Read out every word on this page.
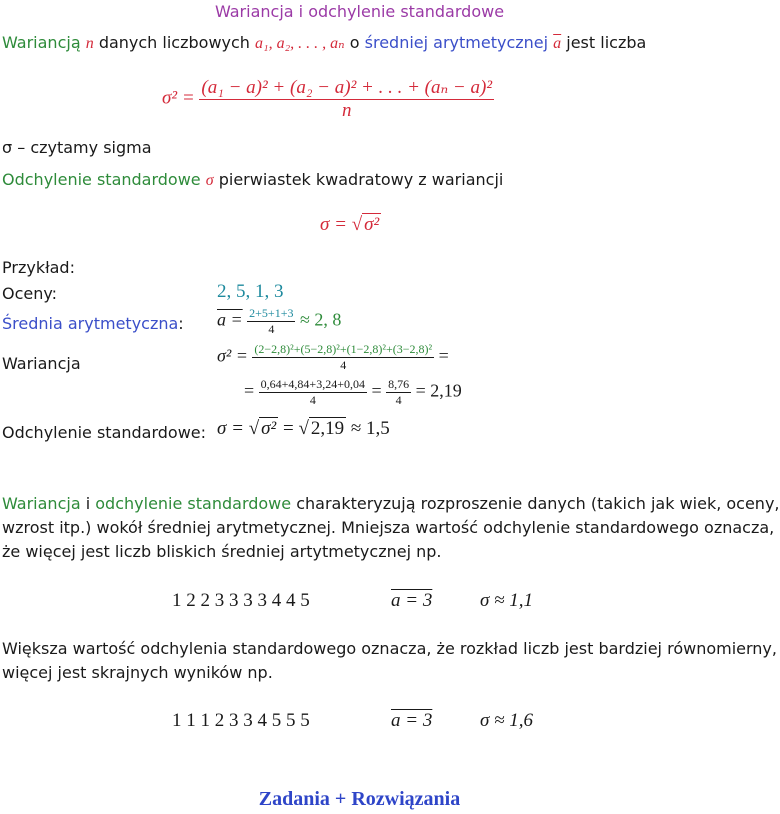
Wariancja i odchylenie standardowe
Wariancją n danych liczbowych a₁, a₂, . . . , aₙ o średniej arytmetycznej $\overline{a}$ jest liczba
$\sigma^2 = \frac{\text{(a₁ − a)² + (a₂ − a)² + . . . + (aₙ − a)²}}{n}$
σ – czytamy sigma
Odchylenie standardowe σ pierwiastek kwadratowy z wariancji
σ = √ σ²
Przykład:
Oceny:	2, 5, 1, 3
Średnia arytmetyczna: $a = \frac{2+5+1+3}{4} \approx 2$, 8
Wariancja	$\sigma^2 = \frac{\text{(2−2,8)²+(5−2,8)²+(1−2,8)²+(3−2,8)²}}{4}$ =
= $\frac{0,64+4,84+3,24+0,04}{4} = \frac{8,76}{4} = 2,19$
Odchylenie standardowe: σ = √ σ² = √ 2,19 ≈ 1,5
Wariancja i odchylenie standardowe charakteryzują rozproszenie danych (takich jak wiek, oceny,
wzrost itp.) wokół średniej arytmetycznej. Mniejsza wartość odchylenie standardowego oznacza,
że więcej jest liczb bliskich średniej artytmetycznej np.
1 2 2 3 3 3 3 4 4 5	a = 3	σ ≈ 1,1
Większa wartość odchylenia standardowego oznacza, że rozkład liczb jest bardziej równomierny,
więcej jest skrajnych wyników np.
1 1 1 2 3 3 4 5 5 5	a = 3	σ ≈ 1,6
Zadania + Rozwiązania
